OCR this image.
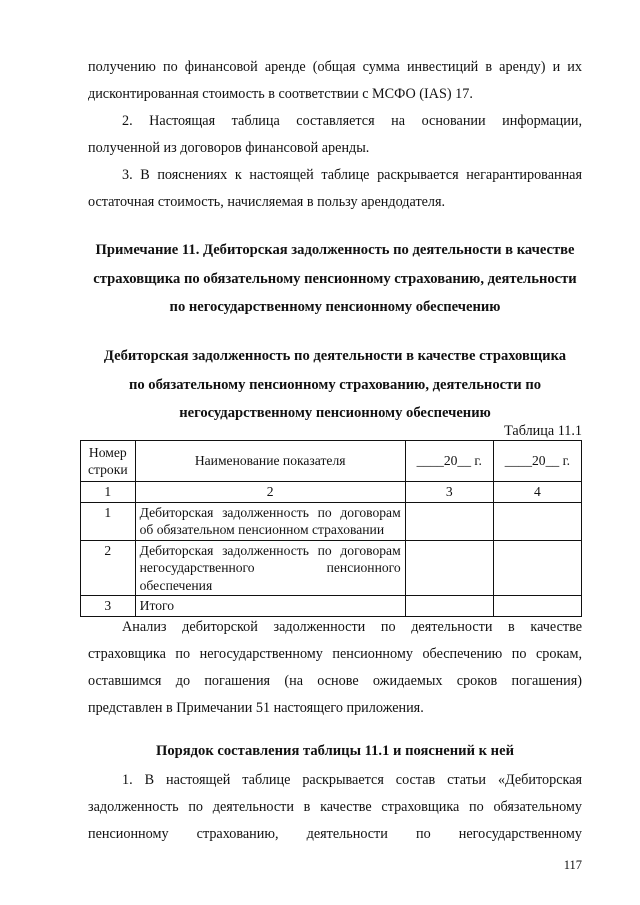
получению по финансовой аренде (общая сумма инвестиций в аренду) и их
дисконтированная стоимость в соответствии с МСФО (IAS) 17.
2. Настоящая таблица составляется на основании информации,
полученной из договоров финансовой аренды.
3. В пояснениях к настоящей таблице раскрывается негарантированная
остаточная стоимость, начисляемая в пользу арендодателя.
Примечание 11. Дебиторская задолженность по деятельности в качестве
страховщика по обязательному пенсионному страхованию, деятельности
по негосударственному пенсионному обеспечению
Дебиторская задолженность по деятельности в качестве страховщика
по обязательному пенсионному страхованию, деятельности по
негосударственному пенсионному обеспечению
Таблица 11.1
Номер строки	Наименование показателя	____20__ г.	____20__ г.
1	2	3	4
1	Дебиторская задолженность по договорам
об обязательном пенсионном страховании		

2	Дебиторская задолженность по договорам
негосударственного пенсионного
обеспечения		

3	Итого		
Анализ дебиторской задолженности по деятельности в качестве
страховщика по негосударственному пенсионному обеспечению по срокам,
оставшимся до погашения (на основе ожидаемых сроков погашения)
представлен в Примечании 51 настоящего приложения.
Порядок составления таблицы 11.1 и пояснений к ней
1. В настоящей таблице раскрывается состав статьи «Дебиторская
задолженность по деятельности в качестве страховщика по обязательному
пенсионному страхованию, деятельности по негосударственному
117
